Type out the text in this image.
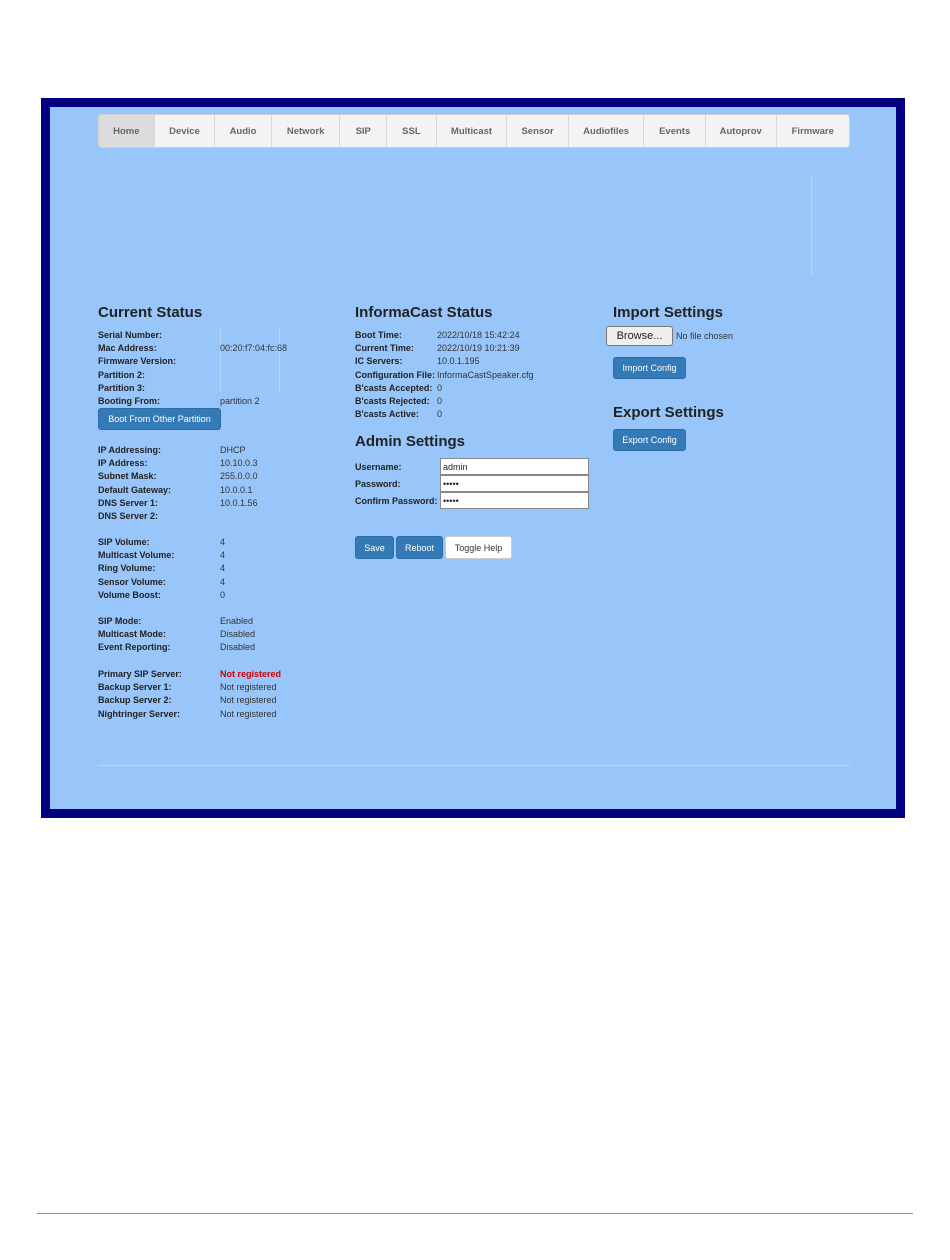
Home	Device	Audio	Network	SIP	SSL	Multicast	Sensor	Audiofiles	Events	Autoprov	Firmware
Current Status
Serial Number:
Mac Address:	00:20:f7:04:fc:68
Firmware Version:
Partition 2:
Partition 3:
Booting From:	partition 2
Boot From Other Partition
IP Addressing:	DHCP
IP Address:	10.10.0.3
Subnet Mask:	255.0.0.0
Default Gateway:	10.0.0.1
DNS Server 1:	10.0.1.56
DNS Server 2:
SIP Volume:	4
Multicast Volume:	4
Ring Volume:	4
Sensor Volume:	4
Volume Boost:	0
SIP Mode:	Enabled
Multicast Mode:	Disabled
Event Reporting:	Disabled
Primary SIP Server:	Not registered
Backup Server 1:	Not registered
Backup Server 2:	Not registered
Nightringer Server:	Not registered
InformaCast Status
Boot Time:	2022/10/18 15:42:24
Current Time:	2022/10/19 10:21:39
IC Servers:	10.0.1.195
Configuration File: InformaCastSpeaker.cfg
B'casts Accepted: 0
B'casts Rejected: 0
B'casts Active: 0
Admin Settings
Username:	admin
Password:	•••••
Confirm Password: •••••
Save	Reboot	Toggle Help
Import Settings
Browse...	No file chosen
Import Config
Export Settings
Export Config
